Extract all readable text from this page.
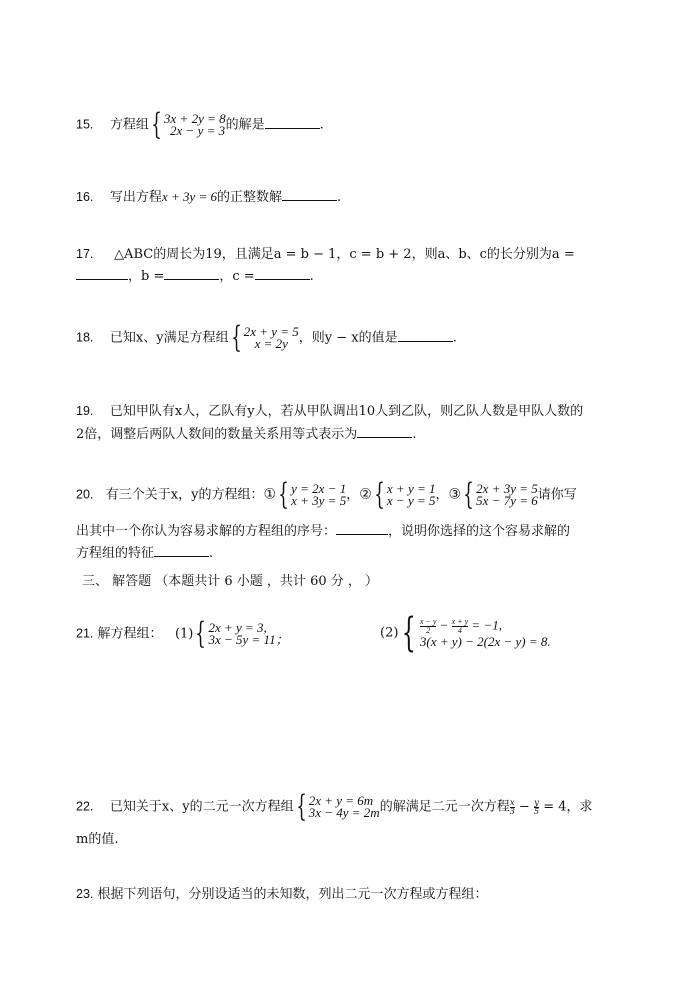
15. 方程组 { 3x + 2y = 8
2x − y = 3 的解是	.
16. 写出方程x + 3y = 6的正整数解	.
17. △ABC的周长为19，且满足a = b − 1，c = b + 2，则a、b、c的长分别为a =
，b =	，c =	.
18. 已知x、y满足方程组 { 2x + y = 5
x = 2y ，则y − x的值是	.
19. 已知甲队有x人，乙队有y人，若从甲队调出10人到乙队，则乙队人数是甲队人数的
2倍，调整后两队人数间的数量关系用等式表示为	.
20. 有三个关于x，y的方程组：① { y = 2x − 1
x + 3y = 5 ，② { x + y = 1
x − y = 5 ，③ { 2x + 3y = 5
5x − 7y = 6 请你写
出其中一个你认为容易求解的方程组的序号：	，说明你选择的这个容易求解的
方程组的特征	.
三、 解答题 （本题共计 6 小题 ，共计 60 分 ， ）
21. 解方程组： (1) { 2x + y = 3,
3x − 5y = 11；	(2) { $\frac{x - y}{2} - \frac{x + y}{4} = -1$,
3(x + y) − 2(2x − y) = 8.
22. 已知关于x、y的二元一次方程组 { 2x + y = 6m
3x − 4y = 2m 的解满足二元一次方程 $\frac{x}{3} - \frac{y}{5} = 4$，求
m的值.
23. 根据下列语句，分别设适当的未知数，列出二元一次方程或方程组：
